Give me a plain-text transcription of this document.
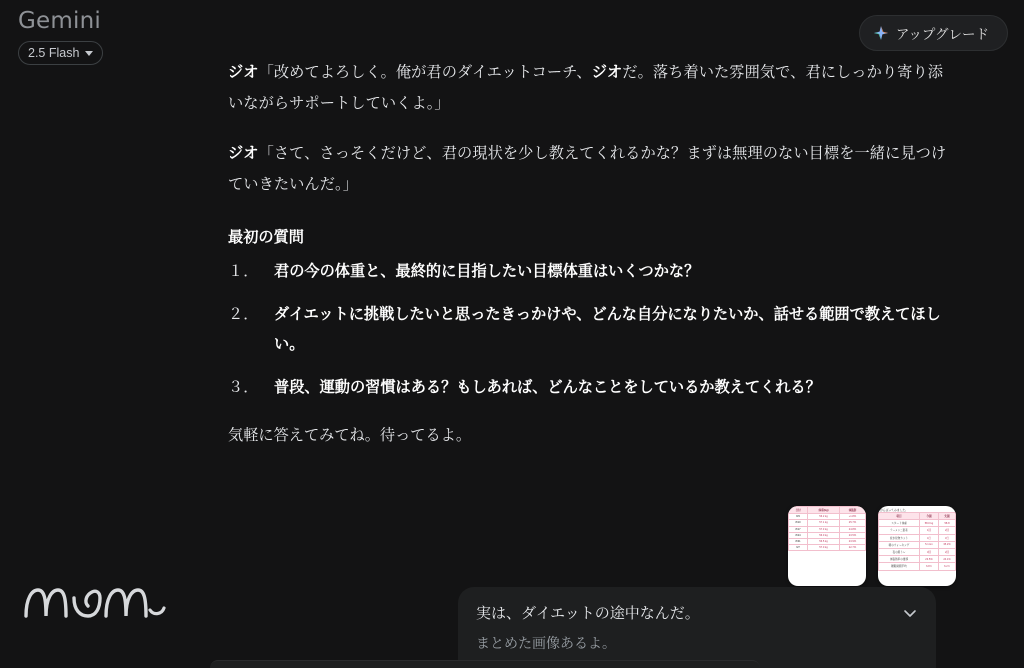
Gemini
2.5 Flash
アップグレード
ジオ「改めてよろしく。俺が君のダイエットコーチ、ジオだ。落ち着いた雰囲気で、君にしっかり寄り添いながらサポートしていくよ。」
ジオ「さて、さっそくだけど、君の現状を少し教えてくれるかな？まずは無理のない目標を一緒に見つけていきたいんだ。」
最初の質問
１．	君の今の体重と、最終的に目指したい目標体重はいくつかな？
２．	ダイエットに挑戦したいと思ったきっかけや、どんな自分になりたいか、話せる範囲で教えてほしい。
３．	普段、運動の習慣はある？もしあれば、どんなことをしているか教えてくれる？
気軽に答えてみてね。待ってるよ。
日付	体重(kg)	体脂肪
8/3	56.2 kg	+1.8%
8/10	57.1 kg	25.7%
8/17	57.3 kg	24.8%
8/24	56.0 kg	23.5%
8/31	56.5 kg	23.9%
9/7	57.0 kg	22.7%
がんばってみました。
項目	今週	先週
スタート体重	58.0 kg	58.8
ラーメン二郎系	1回	2回
炭水化物カット	4日	3日
朝のウォーキング	5.1 km	35.2%
夜の筋トレ	3回	2回
体脂肪率の推移	23.5%	24.1%
睡眠時間平均	6.8 h	6.2 h
実は、ダイエットの途中なんだ。
まとめた画像あるよ。
